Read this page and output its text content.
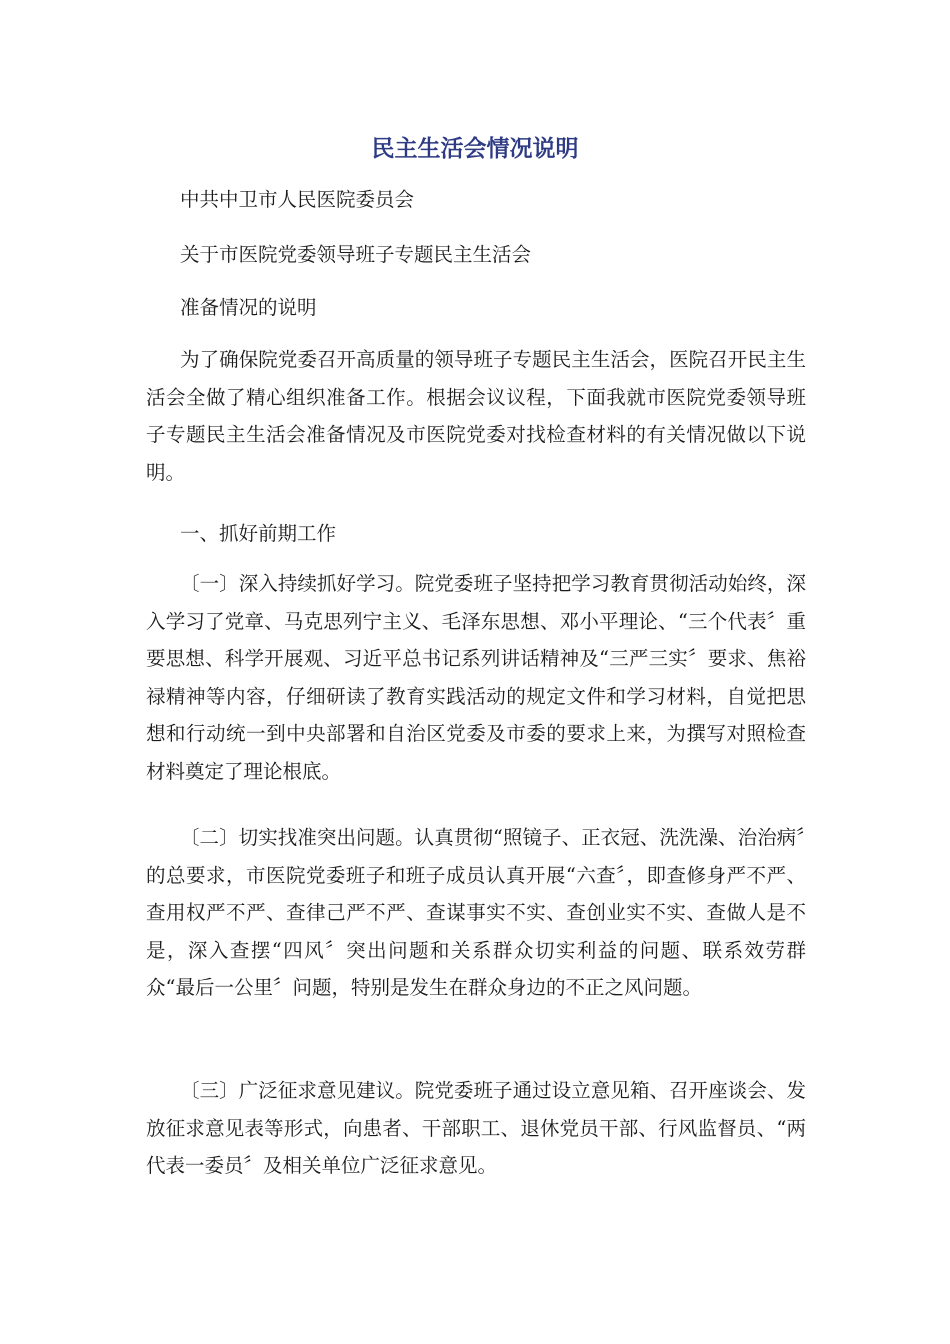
民主生活会情况说明

中共中卫市人民医院委员会

关于市医院党委领导班子专题民主生活会

准备情况的说明

为了确保院党委召开高质量的领导班子专题民主生活会，医院召开民主生活会全做了精心组织准备工作。根据会议议程，下面我就市医院党委领导班子专题民主生活会准备情况及市医院党委对找检查材料的有关情况做以下说明。

一、抓好前期工作

〔一〕深入持续抓好学习。院党委班子坚持把学习教育贯彻活动始终，深入学习了党章、马克思列宁主义、毛泽东思想、邓小平理论、“三个代表〞重要思想、科学开展观、习近平总书记系列讲话精神及“三严三实〞要求、焦裕禄精神等内容，仔细研读了教育实践活动的规定文件和学习材料，自觉把思想和行动统一到中央部署和自治区党委及市委的要求上来，为撰写对照检查材料奠定了理论根底。

〔二〕切实找准突出问题。认真贯彻“照镜子、正衣冠、洗洗澡、治治病〞的总要求，市医院党委班子和班子成员认真开展“六查〞，即查修身严不严、查用权严不严、查律己严不严、查谋事实不实、查创业实不实、查做人是不是，深入查摆“四风〞突出问题和关系群众切实利益的问题、联系效劳群众“最后一公里〞问题，特别是发生在群众身边的不正之风问题。

〔三〕广泛征求意见建议。院党委班子通过设立意见箱、召开座谈会、发放征求意见表等形式，向患者、干部职工、退休党员干部、行风监督员、“两代表一委员〞及相关单位广泛征求意见。
